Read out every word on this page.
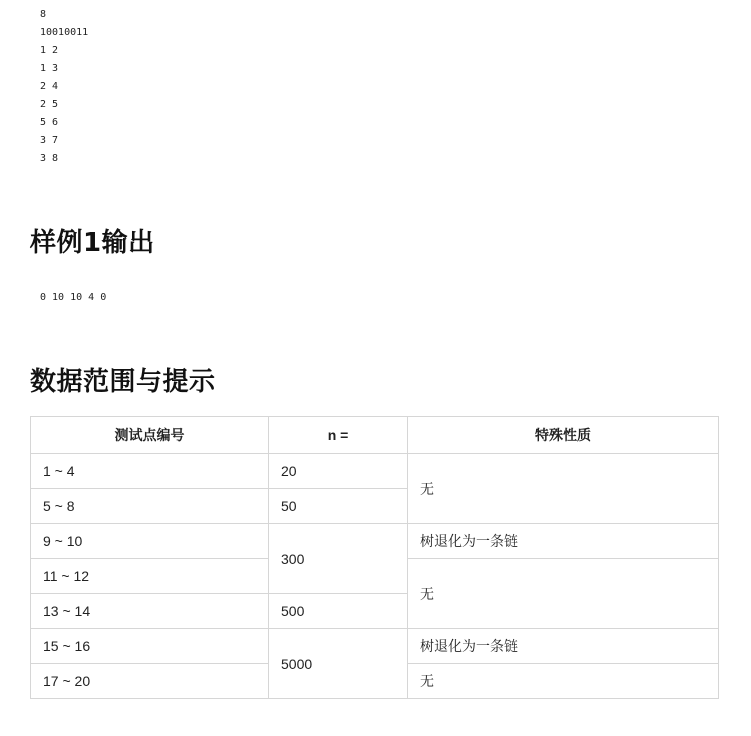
8
10010011
1 2
1 3
2 4
2 5
5 6
3 7
3 8
样例1输出
0 10 10 4 0
数据范围与提示
测试点编号	n =	特殊性质
1 ~ 4	20	无
5 ~ 8	50	
9 ~ 10	300	树退化为一条链
11 ~ 12		无
13 ~ 14	500	
15 ~ 16	5000	树退化为一条链
17 ~ 20		无
